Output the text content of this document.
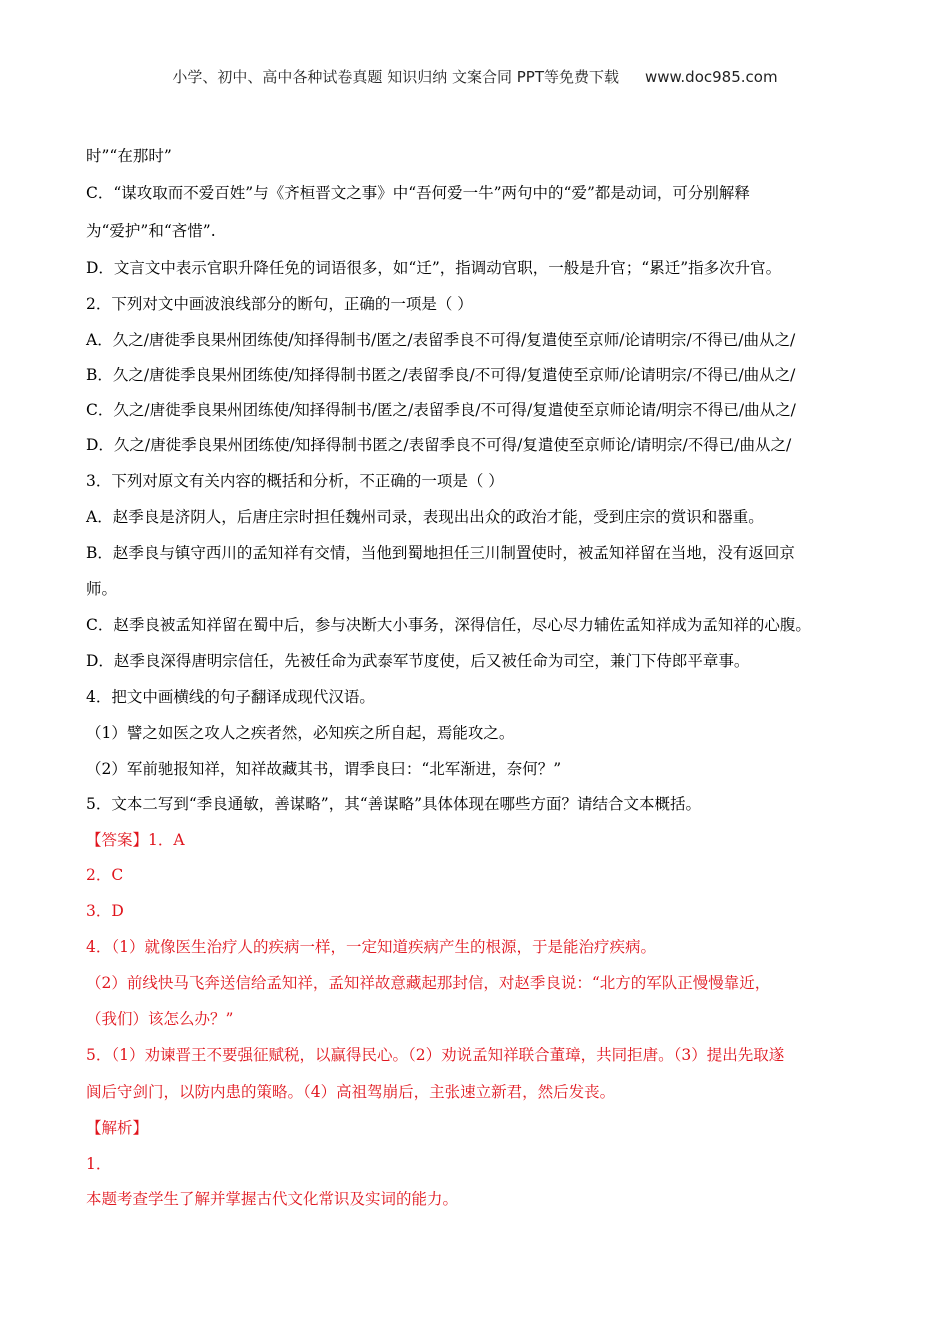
小学、初中、高中各种试卷真题 知识归纳 文案合同 PPT等免费下载 www.doc985.com
时”“在那时”
C．“谋攻取而不爱百姓”与《齐桓晋文之事》中“吾何爱一牛”两句中的“爱”都是动词，可分别解释
为“爱护”和“吝惜”.
D．文言文中表示官职升降任免的词语很多，如“迁”，指调动官职，一般是升官；“累迁”指多次升官。
2．下列对文中画波浪线部分的断句，正确的一项是（ ）
A．久之/唐徙季良果州团练使/知择得制书/匿之/表留季良不可得/复遣使至京师/论请明宗/不得已/曲从之/
B．久之/唐徙季良果州团练使/知择得制书匿之/表留季良/不可得/复遣使至京师/论请明宗/不得已/曲从之/
C．久之/唐徙季良果州团练使/知择得制书/匿之/表留季良/不可得/复遣使至京师论请/明宗不得已/曲从之/
D．久之/唐徙季良果州团练使/知择得制书匿之/表留季良不可得/复遣使至京师论/请明宗/不得已/曲从之/
3．下列对原文有关内容的概括和分析，不正确的一项是（ ）
A．赵季良是济阴人，后唐庄宗时担任魏州司录，表现出出众的政治才能，受到庄宗的赏识和器重。
B．赵季良与镇守西川的孟知祥有交情，当他到蜀地担任三川制置使时，被孟知祥留在当地，没有返回京
师。
C．赵季良被孟知祥留在蜀中后，参与决断大小事务，深得信任，尽心尽力辅佐孟知祥成为孟知祥的心腹。
D．赵季良深得唐明宗信任，先被任命为武泰军节度使，后又被任命为司空，兼门下侍郎平章事。
4．把文中画横线的句子翻译成现代汉语。
（1）譬之如医之攻人之疾者然，必知疾之所自起，焉能攻之。
（2）军前驰报知祥，知祥故藏其书，谓季良曰：“北军渐进，奈何？”
5．文本二写到“季良通敏，善谋略”，其“善谋略”具体体现在哪些方面？请结合文本概括。
【答案】1．A
2．C
3．D
4．（1）就像医生治疗人的疾病一样，一定知道疾病产生的根源，于是能治疗疾病。
（2）前线快马飞奔送信给孟知祥，孟知祥故意藏起那封信，对赵季良说：“北方的军队正慢慢靠近，
（我们）该怎么办？”
5．（1）劝谏晋王不要强征赋税，以赢得民心。（2）劝说孟知祥联合董璋，共同拒唐。（3）提出先取遂
阆后守剑门，以防内患的策略。（4）高祖驾崩后，主张速立新君，然后发丧。
【解析】
1．
本题考查学生了解并掌握古代文化常识及实词的能力。
